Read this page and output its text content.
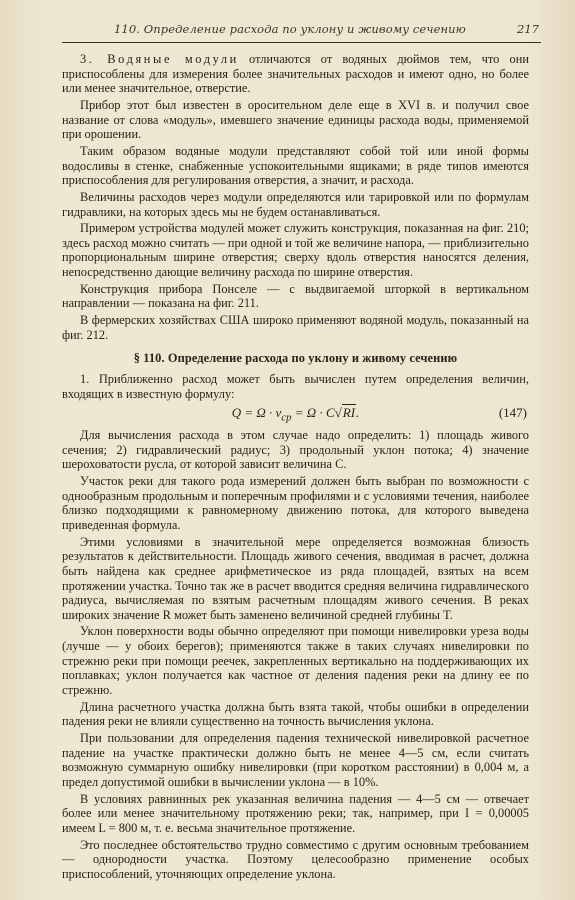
110. Определение расхода по уклону и живому сечению	217

3. Водяные модули отличаются от водяных дюймов тем, что они приспособлены для измерения более значительных расходов и имеют одно, но более или менее значительное, отверстие.

Прибор этот был известен в оросительном деле еще в XVI в. и получил свое название от слова «модуль», имевшего значение единицы расхода воды, применяемой при орошении.

Таким образом водяные модули представляют собой той или иной формы водосливы в стенке, снабженные успокоительными ящиками; в ряде типов имеются приспособления для регулирования отверстия, а значит, и расхода.

Величины расходов через модули определяются или тарировкой или по формулам гидравлики, на которых здесь мы не будем останавливаться.

Примером устройства модулей может служить конструкция, показанная на фиг. 210; здесь расход можно считать — при одной и той же величине напора, — приблизительно пропорциональным ширине отверстия; сверху вдоль отверстия наносятся деления, непосредственно дающие величину расхода по ширине отверстия.

Конструкция прибора Понселе — с выдвигаемой шторкой в вертикальном направлении — показана на фиг. 211.

В фермерских хозяйствах США широко применяют водяной модуль, показанный на фиг. 212.

§ 110. Определение расхода по уклону и живому сечению

1. Приближенно расход может быть вычислен путем определения величин, входящих в известную формулу:

$Q = \Omega \cdot v_{ср} = \Omega \cdot C√RI$.	(147)

Для вычисления расхода в этом случае надо определить: 1) площадь живого сечения; 2) гидравлический радиус; 3) продольный уклон потока; 4) значение шероховатости русла, от которой зависит величина C.

Участок реки для такого рода измерений должен быть выбран по возможности с однообразным продольным и поперечным профилями и с условиями течения, наиболее близко подходящими к равномерному движению потока, для которого выведена приведенная формула.

Этими условиями в значительной мере определяется возможная близость результатов к действительности. Площадь живого сечения, вводимая в расчет, должна быть найдена как среднее арифметическое из ряда площадей, взятых на всем протяжении участка. Точно так же в расчет вводится средняя величина гидравлического радиуса, вычисляемая по взятым расчетным площадям живого сечения. В реках широких значение R может быть заменено величиной средней глубины T.

Уклон поверхности воды обычно определяют при помощи нивелировки уреза воды (лучше — у обоих берегов); применяются также в таких случаях нивелировки по стрежню реки при помощи реечек, закрепленных вертикально на поддерживающих их поплавках; уклон получается как частное от деления падения реки на длину ее по стрежню.

Длина расчетного участка должна быть взята такой, чтобы ошибки в определении падения реки не влияли существенно на точность вычисления уклона.

При пользовании для определения падения технической нивелировкой расчетное падение на участке практически должно быть не менее 4—5 см, если считать возможную суммарную ошибку нивелировки (при коротком расстоянии) в 0,004 м, а предел допустимой ошибки в вычислении уклона — в 10%.

В условиях равнинных рек указанная величина падения — 4—5 см — отвечает более или менее значительному протяжению реки; так, например, при I = 0,00005 имеем L = 800 м, т. е. весьма значительное протяжение.

Это последнее обстоятельство трудно совместимо с другим основным требованием — однородности участка. Поэтому целесообразно применение особых приспособлений, уточняющих определение уклона.
